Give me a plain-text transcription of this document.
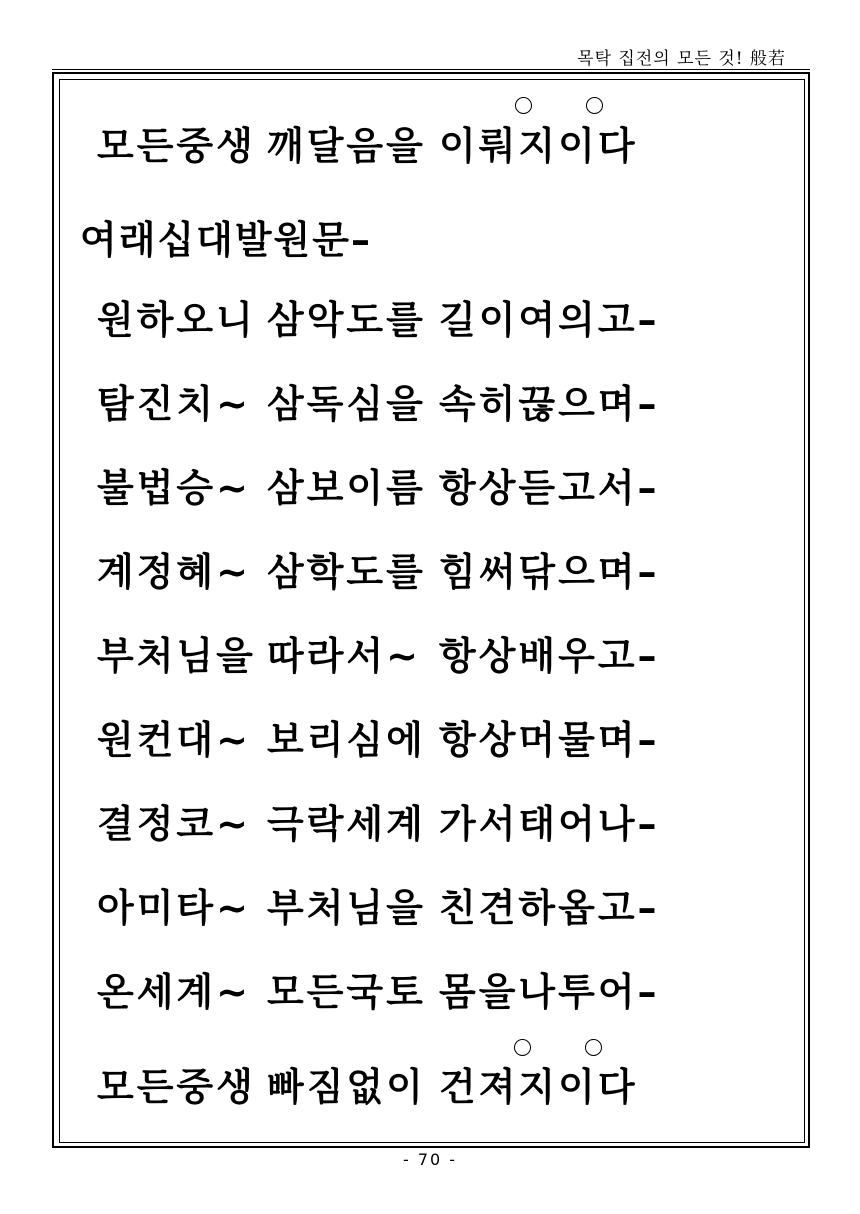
목탁 집전의 모든 것! 般若
모든중생 깨달음을 이뤄지이다
여래십대발원문–
원하오니 삼악도를 길이여의고–
탐진치~ 삼독심을 속히끊으며–
불법승~ 삼보이름 항상듣고서–
계정혜~ 삼학도를 힘써닦으며–
부처님을 따라서~ 항상배우고–
원컨대~ 보리심에 항상머물며–
결정코~ 극락세계 가서태어나–
아미타~ 부처님을 친견하옵고–
온세계~ 모든국토 몸을나투어–
모든중생 빠짐없이 건져지이다
- 70 -
